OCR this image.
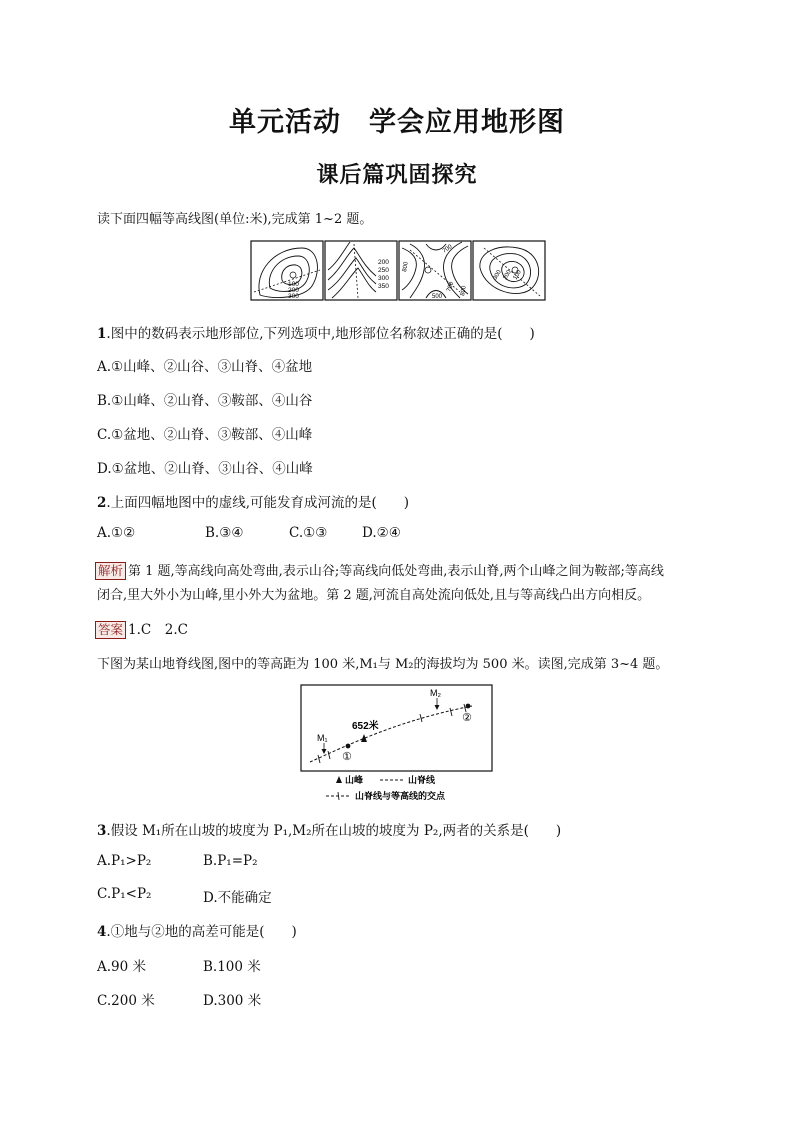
单元活动　学会应用地形图
课后篇巩固探究
读下面四幅等高线图(单位:米),完成第 1~2 题。
100
200
300
200
250
300
350
700
800
500
700 800
300 200 100
1.图中的数码表示地形部位,下列选项中,地形部位名称叙述正确的是(　　)
A.①山峰、②山谷、③山脊、④盆地
B.①山峰、②山脊、③鞍部、④山谷
C.①盆地、②山脊、③鞍部、④山峰
D.①盆地、②山脊、③山谷、④山峰
2.上面四幅地图中的虚线,可能发育成河流的是(　　)
A.①②	B.③④	C.①③	D.②④
解析 第 1 题,等高线向高处弯曲,表示山谷;等高线向低处弯曲,表示山脊,两个山峰之间为鞍部;等高线
闭合,里大外小为山峰,里小外大为盆地。第 2 题,河流自高处流向低处,且与等高线凸出方向相反。
答案 1.C　2.C
下图为某山地脊线图,图中的等高距为 100 米,M₁与 M₂的海拔均为 500 米。读图,完成第 3~4 题。
652米
①
②
M₁
M₂
山峰	山脊线
山脊线与等高线的交点
3.假设 M₁所在山坡的坡度为 P₁,M₂所在山坡的坡度为 P₂,两者的关系是(　　)
A.P₁>P₂	B.P₁=P₂
C.P₁<P₂	D.不能确定
4.①地与②地的高差可能是(　　)
A.90 米	B.100 米
C.200 米	D.300 米
